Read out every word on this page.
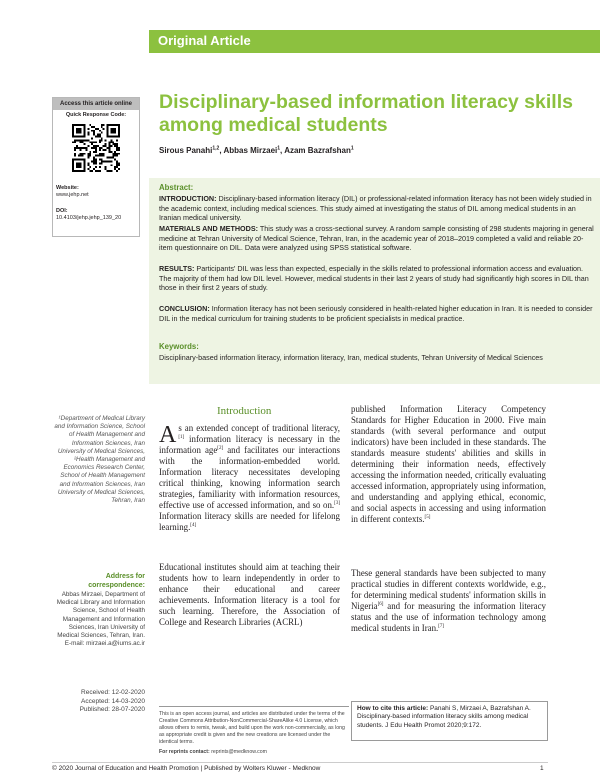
Original Article
Access this article online
Quick Response Code:
Website:
www.jehp.net
DOI:
10.4103/jehp.jehp_139_20
Disciplinary-based information literacy skills among medical students
Sirous Panahi$^{1,2}$, Abbas Mirzaei$^1$, Azam Bazrafshan$^1$
Abstract:

INTRODUCTION: Disciplinary-based information literacy (DIL) or professional-related information literacy has not been widely studied in the academic context, including medical sciences. This study aimed at investigating the status of DIL among medical students in an Iranian medical university.

MATERIALS AND METHODS: This study was a cross-sectional survey. A random sample consisting of 298 students majoring in general medicine at Tehran University of Medical Science, Tehran, Iran, in the academic year of 2018–2019 completed a valid and reliable 20-item questionnaire on DIL. Data were analyzed using SPSS statistical software.

RESULTS: Participants' DIL was less than expected, especially in the skills related to professional information access and evaluation. The majority of them had low DIL level. However, medical students in their last 2 years of study had significantly high scores in DIL than those in their first 2 years of study.

CONCLUSION: Information literacy has not been seriously considered in health-related higher education in Iran. It is needed to consider DIL in the medical curriculum for training students to be proficient specialists in medical practice.

Keywords:

Disciplinary-based information literacy, information literacy, Iran, medical students, Tehran University of Medical Sciences

¹Department of Medical Library and Information Science, School of Health Management and Information Sciences, Iran University of Medical Sciences, ²Health Management and Economics Research Center, School of Health Management and Information Sciences, Iran University of Medical Sciences, Tehran, Iran
Address for correspondence:
Abbas Mirzaei, Department of Medical Library and Information Science, School of Health Management and Information Sciences, Iran University of Medical Sciences, Tehran, Iran. E-mail: mirzaei.a@iums.ac.ir
Received: 12-02-2020
Accepted: 14-03-2020
Published: 28-07-2020
Introduction

As an extended concept of traditional literacy,[1] information literacy is necessary in the information age[2] and facilitates our interactions with the information-embedded world. Information literacy necessitates developing critical thinking, knowing information search strategies, familiarity with information resources, effective use of accessed information, and so on.[3] Information literacy skills are needed for lifelong learning.[4]

Educational institutes should aim at teaching their students how to learn independently in order to enhance their educational and career achievements. Information literacy is a tool for such learning. Therefore, the Association of College and Research Libraries (ACRL)

published Information Literacy Competency Standards for Higher Education in 2000. Five main standards (with several performance and output indicators) have been included in these standards. The standards measure students' abilities and skills in determining their information needs, effectively accessing the information needed, critically evaluating accessed information, appropriately using information, and understanding and applying ethical, economic, and social aspects in accessing and using information in different contexts.[5]

These general standards have been subjected to many practical studies in different contexts worldwide, e.g., for determining medical students' information skills in Nigeria[6] and for measuring the information literacy status and the use of information technology among medical students in Iran.[7]

This is an open access journal, and articles are distributed under the terms of the Creative Commons Attribution-NonCommercial-ShareAlike 4.0 License, which allows others to remix, tweak, and build upon the work non-commercially, as long as appropriate credit is given and the new creations are licensed under the identical terms.

For reprints contact: reprints@medknow.com

How to cite this article: Panahi S, Mirzaei A, Bazrafshan A. Disciplinary-based information literacy skills among medical students. J Edu Health Promot 2020;9:172.

© 2020 Journal of Education and Health Promotion | Published by Wolters Kluwer - Medknow	1
